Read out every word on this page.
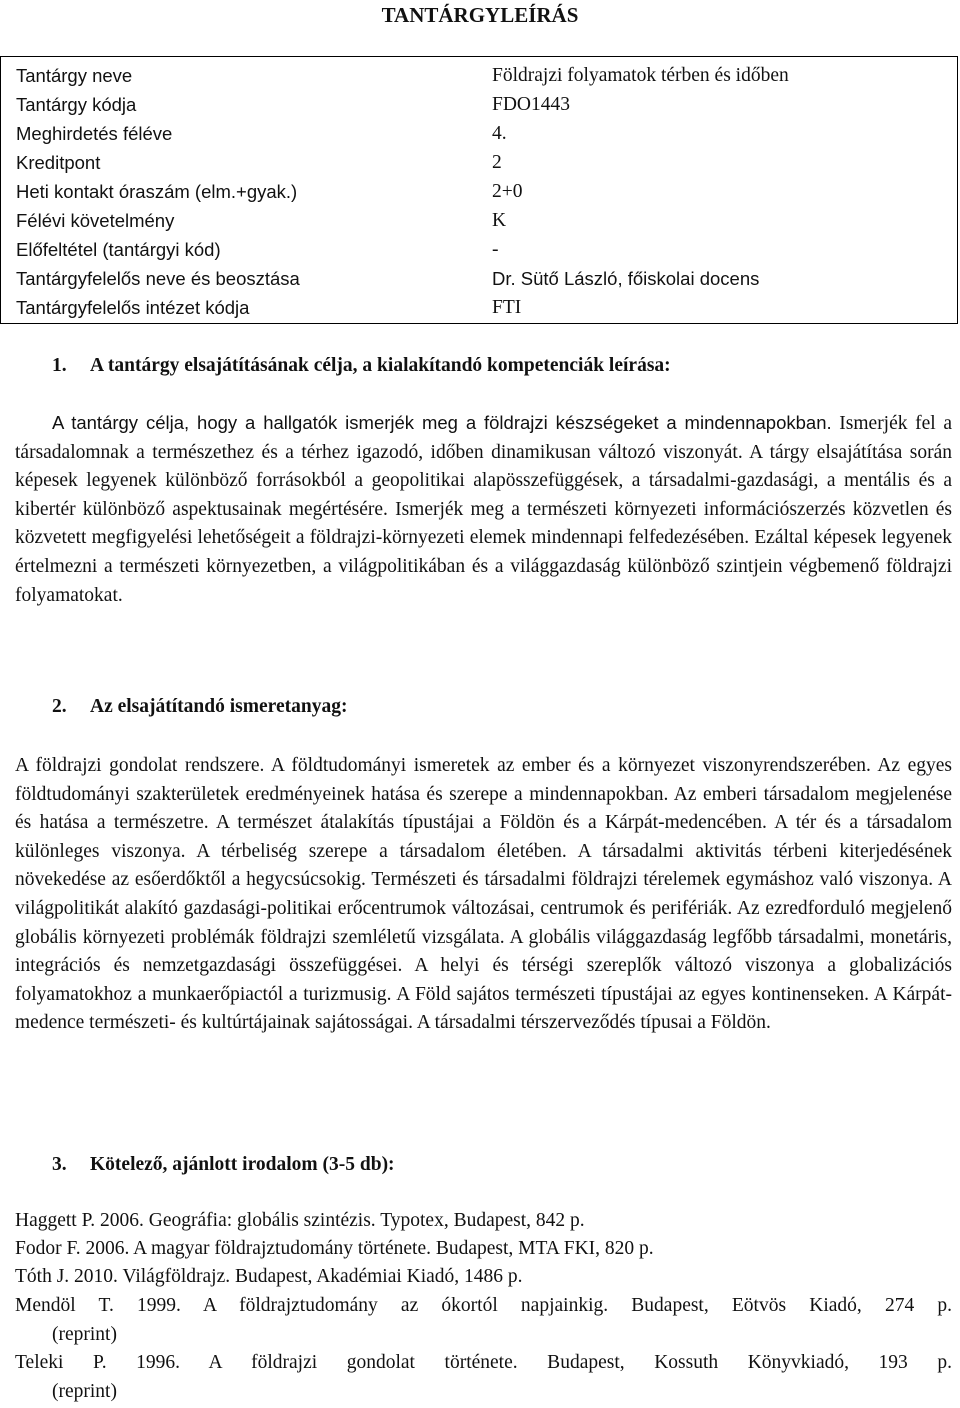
TANTÁRGYLEÍRÁS
Tantárgy neve	Földrajzi folyamatok térben és időben
Tantárgy kódja	FDO1443
Meghirdetés féléve	4.
Kreditpont	2
Heti kontakt óraszám (elm.+gyak.)	2+0
Félévi követelmény	K
Előfeltétel (tantárgyi kód)	-
Tantárgyfelelős neve és beosztása	Dr. Sütő László, főiskolai docens
Tantárgyfelelős intézet kódja	FTI
1. A tantárgy elsajátításának célja, a kialakítandó kompetenciák leírása:

A tantárgy célja, hogy a hallgatók ismerjék meg a földrajzi készségeket a mindennapokban. Ismerjék fel a társadalomnak a természethez és a térhez igazodó, időben dinamikusan változó viszonyát. A tárgy elsajátítása során képesek legyenek különböző forrásokból a geopolitikai alapösszefüggések, a társadalmi-gazdasági, a mentális és a kibertér különböző aspektusainak megértésére. Ismerjék meg a természeti környezeti információszerzés közvetlen és közvetett megfigyelési lehetőségeit a földrajzi-környezeti elemek mindennapi felfedezésében. Ezáltal képesek legyenek értelmezni a természeti környezetben, a világpolitikában és a világgazdaság különböző szintjein végbemenő földrajzi folyamatokat.

2. Az elsajátítandó ismeretanyag:

A földrajzi gondolat rendszere. A földtudományi ismeretek az ember és a környezet viszonyrendszerében. Az egyes földtudományi szakterületek eredményeinek hatása és szerepe a mindennapokban. Az emberi társadalom megjelenése és hatása a természetre. A természet átalakítás típustájai a Földön és a Kárpát-medencében. A tér és a társadalom különleges viszonya. A térbeliség szerepe a társadalom életében. A társadalmi aktivitás térbeni kiterjedésének növekedése az esőerdőktől a hegycsúcsokig. Természeti és társadalmi földrajzi térelemek egymáshoz való viszonya. A világpolitikát alakító gazdasági-politikai erőcentrumok változásai, centrumok és perifériák. Az ezredforduló megjelenő globális környezeti problémák földrajzi szemléletű vizsgálata. A globális világgazdaság legfőbb társadalmi, monetáris, integrációs és nemzetgazdasági összefüggései. A helyi és térségi szereplők változó viszonya a globalizációs folyamatokhoz a munkaerőpiactól a turizmusig. A Föld sajátos természeti típustájai az egyes kontinenseken. A Kárpát-medence természeti- és kultúrtájainak sajátosságai. A társadalmi térszerveződés típusai a Földön.

3. Kötelező, ajánlott irodalom (3-5 db):
Haggett P. 2006. Geográfia: globális szintézis. Typotex, Budapest, 842 p.
Fodor F. 2006. A magyar földrajztudomány története. Budapest, MTA FKI, 820 p.
Tóth J. 2010. Világföldrajz. Budapest, Akadémiai Kiadó, 1486 p.
Mendöl T. 1999. A földrajztudomány az ókortól napjainkig. Budapest, Eötvös Kiadó, 274 p.
(reprint)
Teleki P. 1996. A földrajzi gondolat története. Budapest, Kossuth Könyvkiadó, 193 p.
(reprint)
